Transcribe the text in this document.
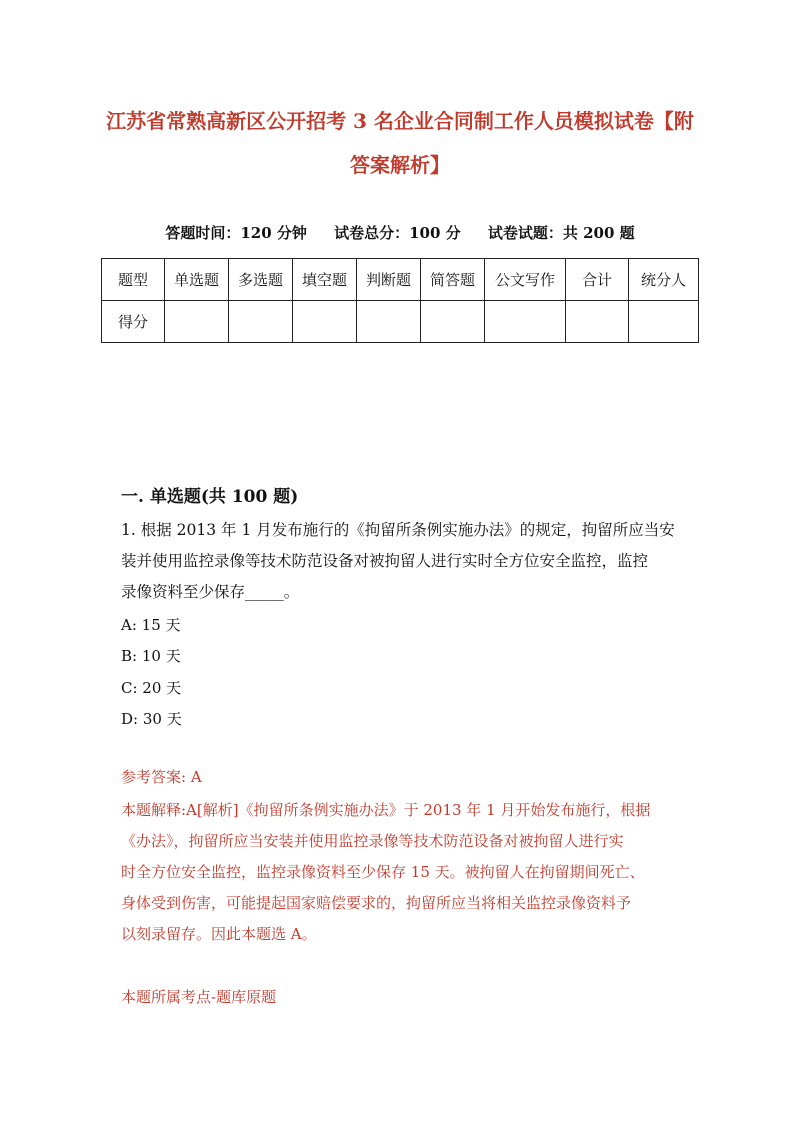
江苏省常熟高新区公开招考 3 名企业合同制工作人员模拟试卷【附
答案解析】
答题时间：120 分钟 试卷总分：100 分 试卷试题：共 200 题
题型	单选题	多选题	填空题	判断题	简答题	公文写作	合计	统分人
得分								
一. 单选题(共 100 题)
1. 根据 2013 年 1 月发布施行的《拘留所条例实施办法》的规定，拘留所应当安
装并使用监控录像等技术防范设备对被拘留人进行实时全方位安全监控，监控
录像资料至少保存_____。
A: 15 天
B: 10 天
C: 20 天
D: 30 天
参考答案: A
本题解释:A[解析]《拘留所条例实施办法》于 2013 年 1 月开始发布施行，根据
《办法》，拘留所应当安装并使用监控录像等技术防范设备对被拘留人进行实
时全方位安全监控，监控录像资料至少保存 15 天。被拘留人在拘留期间死亡、
身体受到伤害，可能提起国家赔偿要求的，拘留所应当将相关监控录像资料予
以刻录留存。因此本题选 A。
本题所属考点-题库原题
